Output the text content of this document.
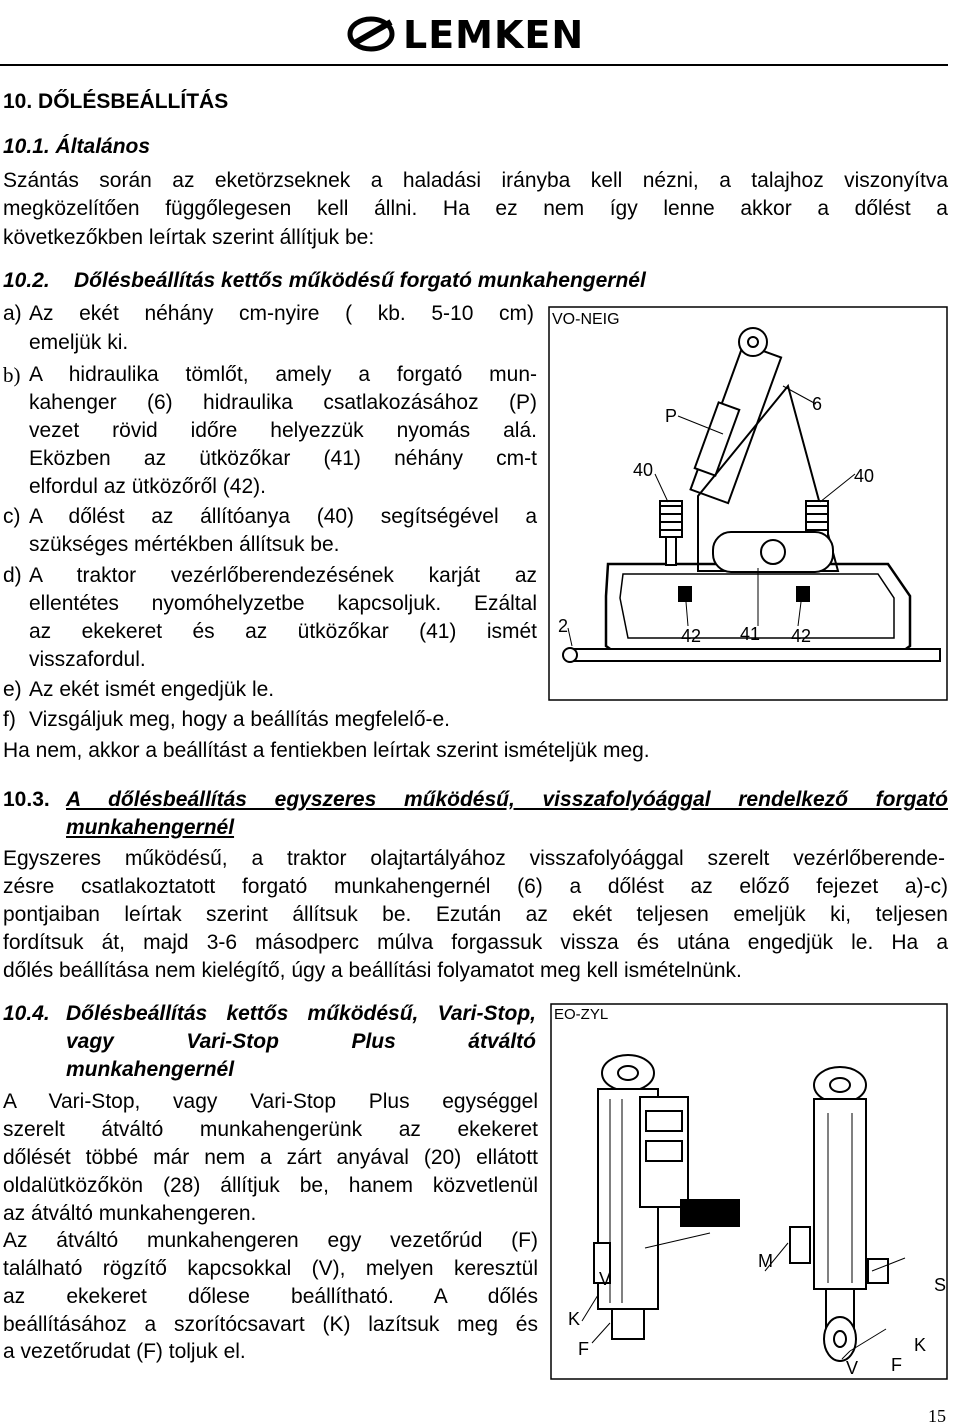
LEMKEN
10. DŐLÉSBEÁLLÍTÁS
10.1. Általános
Szántás során az eketörzseknek a haladási irányba kell nézni, a talajhoz viszonyítva
megközelítően függőlegesen kell állni. Ha ez nem így lenne akkor a dőlést a
következőkben leírtak szerint állítjuk be:
10.2. Dőlésbeállítás kettős működésű forgató munkahengernél
a) Az ekét néhány cm-nyire ( kb. 5-10 cm)
emeljük ki.
b) A hidraulika tömlőt, amely a forgató mun-
kahenger (6) hidraulika csatlakozásához (P)
vezet rövid időre helyezzük nyomás alá.
Eközben az ütközőkar (41) néhány cm-t
elfordul az ütközőről (42).
c) A dőlést az állítóanya (40) segítségével a
szükséges mértékben állítsuk be.
d) A traktor vezérlőberendezésének karját az
ellentétes nyomóhelyzetbe kapcsoljuk. Ezáltal
az ekekeret és az ütközőkar (41) ismét
visszafordul.
e) Az ekét ismét engedjük le.
f) Vizsgáljuk meg, hogy a beállítás megfelelő-e.
Ha nem, akkor a beállítást a fentiekben leírtak szerint ismételjük meg.
VO-NEIG
P
6
40	40
2	42 41 42
10.3. A dőlésbeállítás egyszeres működésű, visszafolyóággal rendelkező forgató
munkahengernél
Egyszeres működésű, a traktor olajtartályához visszafolyóággal szerelt vezérlőberende-
zésre csatlakoztatott forgató munkahengernél (6) a dőlést az előző fejezet a)-c)
pontjaiban leírtak szerint állítsuk be. Ezután az ekét teljesen emeljük ki, teljesen
fordítsuk át, majd 3-6 másodperc múlva forgassuk vissza és utána engedjük le. Ha a
dőlés beállítása nem kielégítő, úgy a beállítási folyamatot meg kell ismételnünk.
10.4. Dőlésbeállítás kettős működésű, Vari-Stop,
vagy Vari-Stop Plus átváltó
munkahengernél
A Vari-Stop, vagy Vari-Stop Plus egységgel
szerelt átváltó munkahengerünk az ekekeret
dőlését többé már nem a zárt anyával (20) ellátott
oldalütközőkön (28) állítjuk be, hanem közvetlenül
az átváltó munkahengeren.
Az átváltó munkahengeren egy vezetőrúd (F)
található rögzítő kapcsokkal (V), melyen keresztül
az ekekeret dőlese beállítható. A dőlés
beállításához a szorítócsavart (K) lazítsuk meg és
a vezetőrudat (F) toljuk el.
EO-ZYL
M
V	S
K
F	K
V F
15
